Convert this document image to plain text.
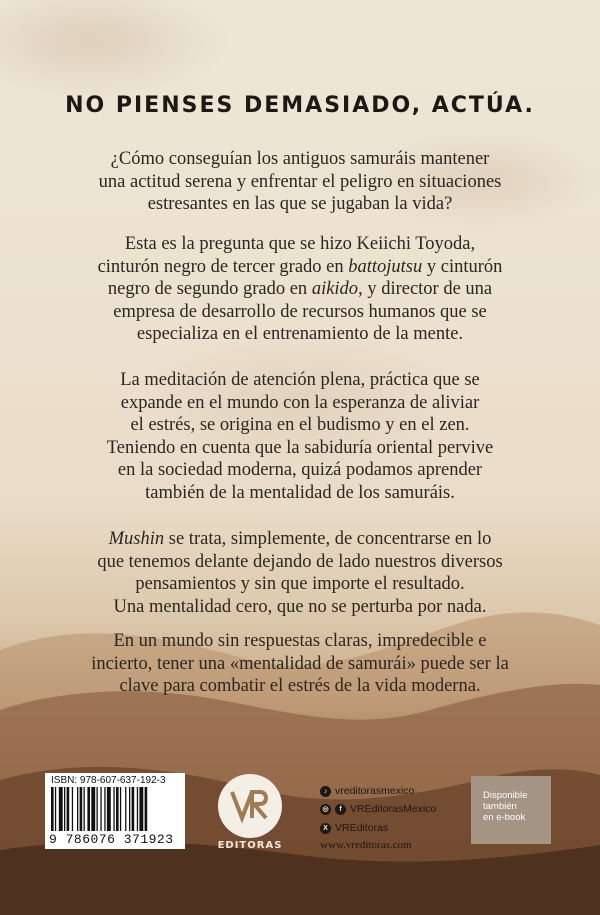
NO PIENSES DEMASIADO, ACTÚA.

¿Cómo conseguían los antiguos samuráis mantener
una actitud serena y enfrentar el peligro en situaciones
estresantes en las que se jugaban la vida?

Esta es la pregunta que se hizo Keiichi Toyoda,
cinturón negro de tercer grado en battojutsu y cinturón
negro de segundo grado en aikido, y director de una
empresa de desarrollo de recursos humanos que se
especializa en el entrenamiento de la mente.

La meditación de atención plena, práctica que se
expande en el mundo con la esperanza de aliviar
el estrés, se origina en el budismo y en el zen.
Teniendo en cuenta que la sabiduría oriental pervive
en la sociedad moderna, quizá podamos aprender
también de la mentalidad de los samuráis.

Mushin se trata, simplemente, de concentrarse en lo
que tenemos delante dejando de lado nuestros diversos
pensamientos y sin que importe el resultado.
Una mentalidad cero, que no se perturba por nada.

En un mundo sin respuestas claras, impredecible e
incierto, tener una «mentalidad de samurái» puede ser la
clave para combatir el estrés de la vida moderna.

ISBN: 978-607-637-192-3
9 786076 371923	EDITORAS
♪ vreditorasmexico
◎	f VREditorasMexico
X VREditoras
www.vreditoras.com
Disponible
también
en e-book
